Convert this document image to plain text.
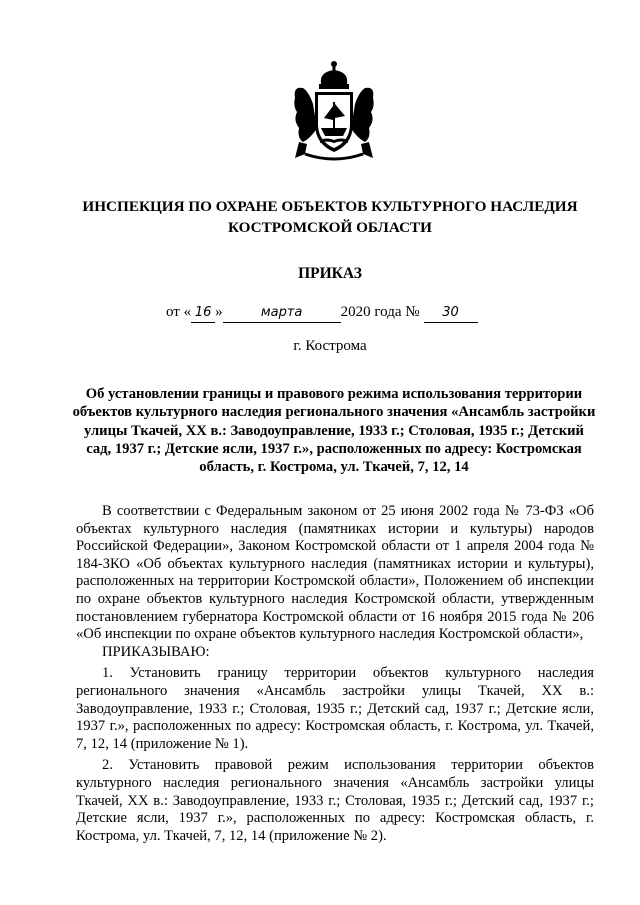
ИНСПЕКЦИЯ ПО ОХРАНЕ ОБЪЕКТОВ КУЛЬТУРНОГО НАСЛЕДИЯ КОСТРОМСКОЙ ОБЛАСТИ
ПРИКАЗ
от « 16 »	марта	2020 года № 30
г. Кострома
Об установлении границы и правового режима использования территории объектов культурного наследия регионального значения «Ансамбль застройки улицы Ткачей, XX в.: Заводоуправление, 1933 г.; Столовая, 1935 г.; Детский сад, 1937 г.; Детские ясли, 1937 г.», расположенных по адресу: Костромская область, г. Кострома, ул. Ткачей, 7, 12, 14

В соответствии с Федеральным законом от 25 июня 2002 года № 73-ФЗ «Об объектах культурного наследия (памятниках истории и культуры) народов Российской Федерации», Законом Костромской области от 1 апреля 2004 года № 184-ЗКО «Об объектах культурного наследия (памятниках истории и культуры), расположенных на территории Костромской области», Положением об инспекции по охране объектов культурного наследия Костромской области, утвержденным постановлением губернатора Костромской области от 16 ноября 2015 года № 206 «Об инспекции по охране объектов культурного наследия Костромской области»,

ПРИКАЗЫВАЮ:

1. Установить границу территории объектов культурного наследия регионального значения «Ансамбль застройки улицы Ткачей, XX в.: Заводоуправление, 1933 г.; Столовая, 1935 г.; Детский сад, 1937 г.; Детские ясли, 1937 г.», расположенных по адресу: Костромская область, г. Кострома, ул. Ткачей, 7, 12, 14 (приложение № 1).

2. Установить правовой режим использования территории объектов культурного наследия регионального значения «Ансамбль застройки улицы Ткачей, XX в.: Заводоуправление, 1933 г.; Столовая, 1935 г.; Детский сад, 1937 г.; Детские ясли, 1937 г.», расположенных по адресу: Костромская область, г. Кострома, ул. Ткачей, 7, 12, 14 (приложение № 2).
